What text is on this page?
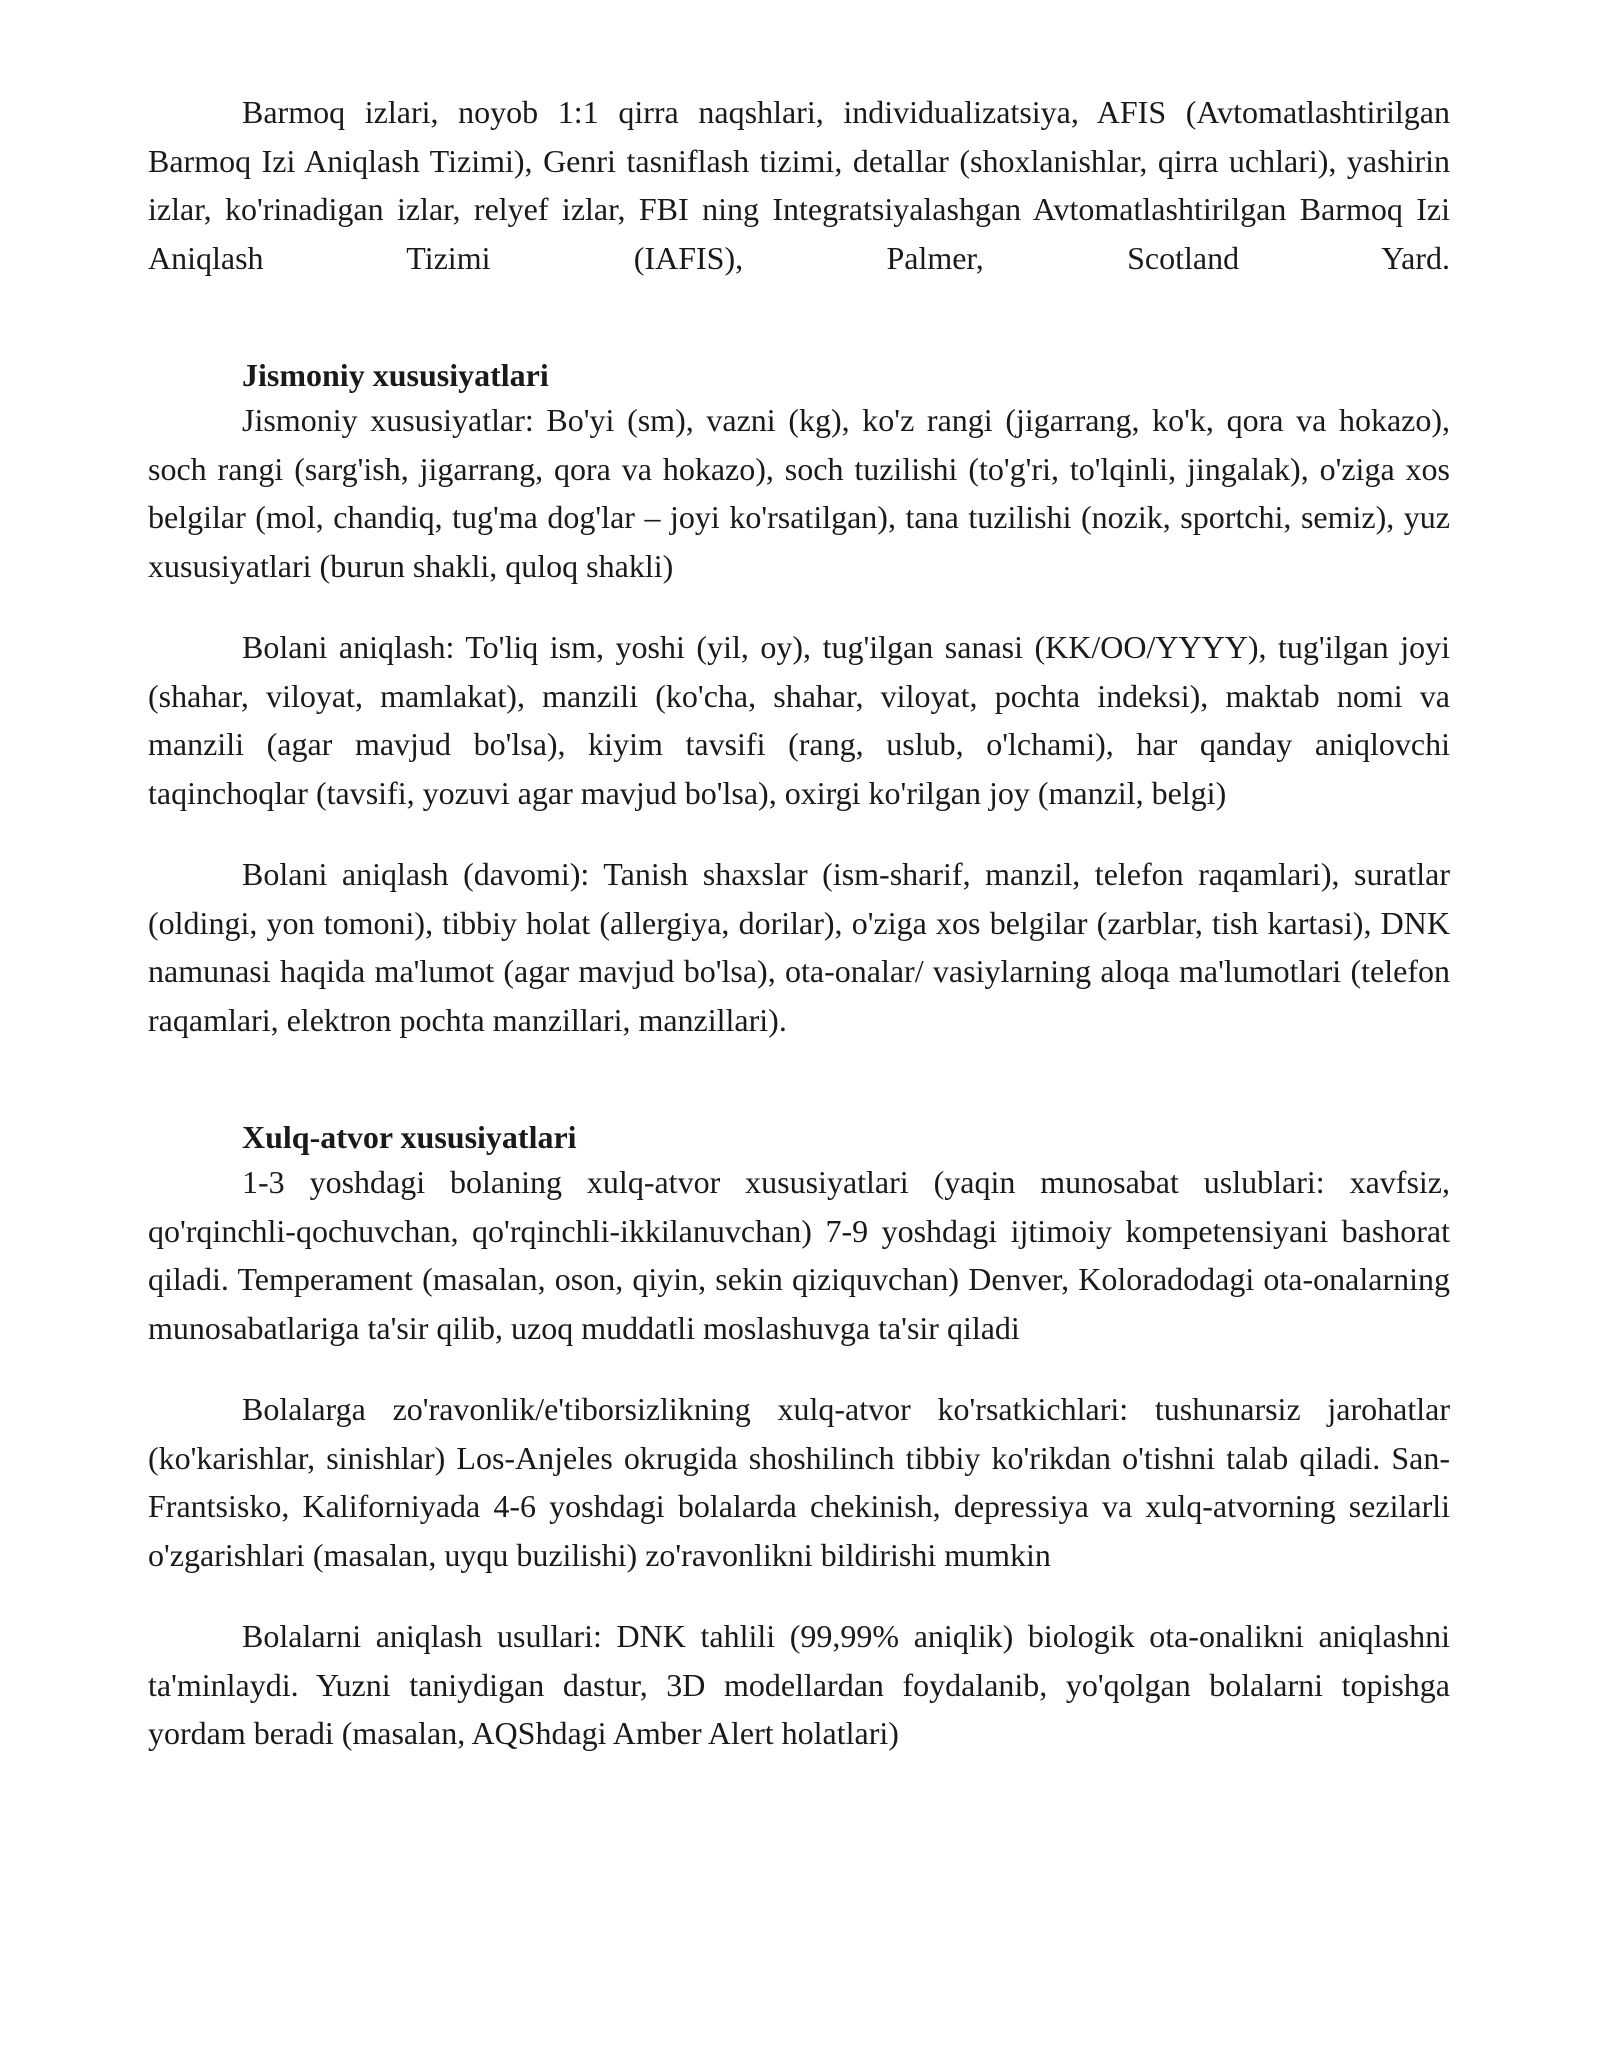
Barmoq izlari, noyob 1:1 qirra naqshlari, individualizatsiya, AFIS (Avtomatlashtirilgan Barmoq Izi Aniqlash Tizimi), Genri tasniflash tizimi, detallar (shoxlanishlar, qirra uchlari), yashirin izlar, ko'rinadigan izlar, relyef izlar, FBI ning Integratsiyalashgan Avtomatlashtirilgan Barmoq Izi Aniqlash Tizimi (IAFIS), Palmer, Scotland Yard.

Jismoniy xususiyatlari

Jismoniy xususiyatlar: Bo'yi (sm), vazni (kg), ko'z rangi (jigarrang, ko'k, qora va hokazo), soch rangi (sarg'ish, jigarrang, qora va hokazo), soch tuzilishi (to'g'ri, to'lqinli, jingalak), o'ziga xos belgilar (mol, chandiq, tug'ma dog'lar – joyi ko'rsatilgan), tana tuzilishi (nozik, sportchi, semiz), yuz xususiyatlari (burun shakli, quloq shakli)

Bolani aniqlash: To'liq ism, yoshi (yil, oy), tug'ilgan sanasi (KK/OO/YYYY), tug'ilgan joyi (shahar, viloyat, mamlakat), manzili (ko'cha, shahar, viloyat, pochta indeksi), maktab nomi va manzili (agar mavjud bo'lsa), kiyim tavsifi (rang, uslub, o'lchami), har qanday aniqlovchi taqinchoqlar (tavsifi, yozuvi agar mavjud bo'lsa), oxirgi ko'rilgan joy (manzil, belgi)

Bolani aniqlash (davomi): Tanish shaxslar (ism-sharif, manzil, telefon raqamlari), suratlar (oldingi, yon tomoni), tibbiy holat (allergiya, dorilar), o'ziga xos belgilar (zarblar, tish kartasi), DNK namunasi haqida ma'lumot (agar mavjud bo'lsa), ota-onalar/ vasiylarning aloqa ma'lumotlari (telefon raqamlari, elektron pochta manzillari, manzillari).

Xulq-atvor xususiyatlari

1-3 yoshdagi bolaning xulq-atvor xususiyatlari (yaqin munosabat uslublari: xavfsiz, qo'rqinchli-qochuvchan, qo'rqinchli-ikkilanuvchan) 7-9 yoshdagi ijtimoiy kompetensiyani bashorat qiladi. Temperament (masalan, oson, qiyin, sekin qiziquvchan) Denver, Koloradodagi ota-onalarning munosabatlariga ta'sir qilib, uzoq muddatli moslashuvga ta'sir qiladi

Bolalarga zo'ravonlik/e'tiborsizlikning xulq-atvor ko'rsatkichlari: tushunarsiz jarohatlar (ko'karishlar, sinishlar) Los-Anjeles okrugida shoshilinch tibbiy ko'rikdan o'tishni talab qiladi. San-Frantsisko, Kaliforniyada 4-6 yoshdagi bolalarda chekinish, depressiya va xulq-atvorning sezilarli o'zgarishlari (masalan, uyqu buzilishi) zo'ravonlikni bildirishi mumkin

Bolalarni aniqlash usullari: DNK tahlili (99,99% aniqlik) biologik ota-onalikni aniqlashni ta'minlaydi. Yuzni taniydigan dastur, 3D modellardan foydalanib, yo'qolgan bolalarni topishga yordam beradi (masalan, AQShdagi Amber Alert holatlari)
